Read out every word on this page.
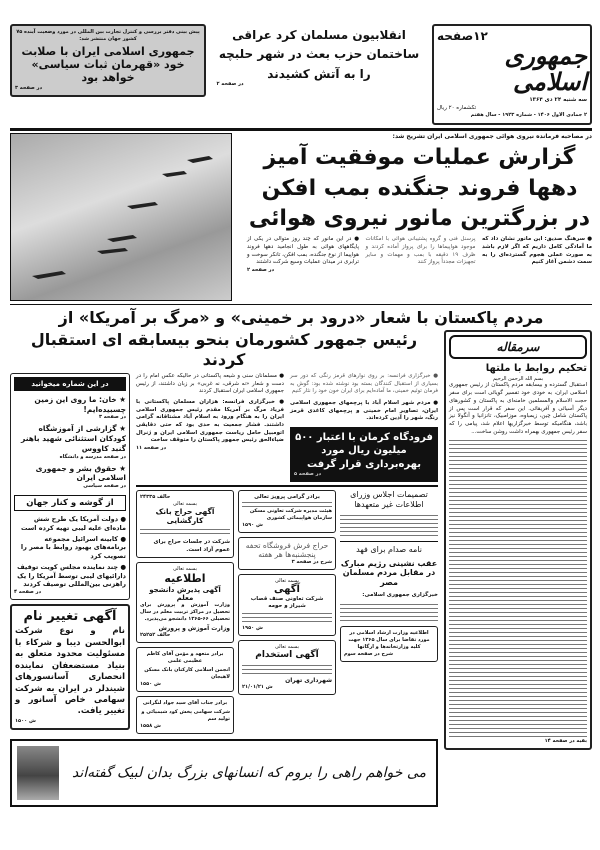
۱۲صفحه
جمهوری اسلامی
سه شنبه ۲۴ دی ۱۳۶۴
تکشماره ۲۰ ریال
۲ جمادی الاول ۱۴۰۶ - شماره ۱۹۲۳ - سال هفتم
انقلابیون مسلمان کرد عراقی
ساختمان حزب بعث در شهر حلبچه
را به آتش کشیدند
در صفحه ۲
پیش بینی دفتر بررسی و کنترل تجارت بین المللی در مورد وضعیت آینده ۷۵ کشور جهان منتشر شد:
جمهوری اسلامی ایران با صلابت خود «قهرمان ثبات سیاسی» خواهد بود
در صفحه ۳
در مصاحبه فرمانده نیروی هوائی جمهوری اسلامی ایران تشریح شد:
گزارش عملیات موفقیت آمیز
دهها فروند جنگنده بمب افکن
در بزرگترین مانور نیروی هوائی
● سرهنگ صدیق: این مانور نشان داد که ما آمادگی کامل داریم که اگر لازم باشد به صورت عملی هجوم گسترده‌ای را به سمت دشمن آغاز کنیم
پرسنل فنی و گروه پشتیبانی هوائی با امکانات موجود هواپیماها را برای پرواز آماده کردند و ظرف ۱۹ دقیقه با بمب و مهمات و سایر تجهیزات مجدداً پرواز کنند
● در این مانور که چند روز متوالی در یکی از پایگاههای هوائی به طول انجامید دهها فروند هواپیما از نوع جنگنده، بمب افکن، تانکر سوخت و ترابری در میدان عملیات وسیع شرکت داشتند
در صفحه ۲
مردم پاکستان با شعار «درود بر خمینی» و «مرگ بر آمریکا» از
سرمقاله
تحکیم روابط با ملتها
بسم الله الرحمن الرحیم
استقبال گسترده و بیسابقه مردم پاکستان از رئیس جمهوری اسلامی ایران، به خودی خود تفسیر گویائی است برای سفر حجت الاسلام والمسلمین خامنه‌ای به پاکستان و کشورهای دیگر آسیائی و آفریقائی. این سفر که قرار است پس از پاکستان شامل چین، زیمباوه، موزامبیک، تانزانیا و آنگولا نیز باشد، هنگامیکه توسط خبرگزاریها اعلام شد، پیامی را که سفر رئیس جمهوری بهمراه داشت روشن ساخت...
بقیه در صفحه ۱۴
رئیس جمهور کشورمان بنحو بیسابقه ای استقبال کردند
● خبرگزاری فرانسه: بر روی نوارهای قرمز رنگی که دور سر بسیاری از استقبال کنندگان بسته بود نوشته شده بود: گوش به فرمان توئیم خمینی، ما آماده‌ایم برای ایران خون خود را نثار کنیم
● مردم شهر اسلام آباد با پرچمهای جمهوری اسلامی ایران، تصاویر امام خمینی و پرچمهای کاغذی قرمز رنگ، شهر را آذین کرده‌اند.
فرودگاه کرمان با اعتبار ۵۰۰ میلیون ریال مورد بهره‌برداری قرار گرفت
در صفحه ۵
● مسلمانان سنی و شیعه پاکستانی در حالیکه عکس امام را در دست و شعار «نه شرقی، نه غربی» بر زبان داشتند، از رئیس جمهوری اسلامی ایران استقبال کردند
● خبرگزاری فرانسه: هزاران مسلمان پاکستانی با فریاد مرگ بر آمریکا مقدم رئیس جمهوری اسلامی ایران را به هنگام ورود به اسلام آباد مشتاقانه گرامی داشتند. فشار جمعیت به حدی بود که حتی دقایقی اتومبیل حامل ریاست جمهوری اسلامی ایران و ژنرال ضیاءالحق رئیس جمهور پاکستان را متوقف ساخت
در صفحه ۱۱
تصمیمات اجلاس وزرای اطلاعات غیر متعهدها
نامه صدام برای فهد
عقب نشینی رژیم مبارک در مقابل مردم مسلمان مصر
خبرگزاری جمهوری اسلامی:
اطلاعیه وزارت ارشاد اسلامی در مورد تقاضا برای سال ۱۳۶۵ جهت کلیه وزارتخانه‌ها و ارگانها
شرح در صفحه سوم
برادر گرامی پرویز تعالی
هیئت مدیره شرکت تعاونی مسکن سازمان هواپیمائی کشوری
ش ۱۵۹۰
حراج فرش فروشگاه تحفه پنجشنبه‌ها هر هفته
شرح در صفحه ۳
بسمه تعالی
آگهی
شرکت تعاونی صنف قصاب شیراز و حومه
ش ۱۹۵۰
بسمه تعالی
آگهی استخدام
شهرداری تهران
ش ۲۱/۰۱/۲۱
حالف ۲۴۳۳۵
بسمه تعالی
آگهی حراج بانک کارگشایی
شرکت در جلسات حراج برای عموم آزاد است.
بسمه تعالی
اطلاعیه
آگهی پذیرش دانشجو معلم
وزارت آموزش و پرورش برای تحصیل در مراکز تربیت معلم در سال تحصیلی ۶۶-۱۳۶۵ دانشجو می‌پذیرد.
وزارت آموزش و پرورش
حالف ۲۵۲۵۲
برادر متعهد و مؤمن آقای کاظم عظیمی علمی
انجمن اسلامی کارکنان بانک مسکن لاهیجان
ش ۱۵۵۰
برادر جناب آقای سید جواد لنگرانی
شرکت سهامی پخش کود شیمیائی و توليد سم
ش ۱۵۵۸
در این شماره میخوانید
★ خان: ما روی این زمین چسبیده‌ایم!
در صفحه ۳
★ گزارشی از آموزشگاه کودکان استثنائی شهید باهنر گنبد کاووس
در صفحه مدرسه و دانشگاه
★ حقوق بشر و جمهوری اسلامی ایران
در صفحه سیاسی
از گوشه و کنار جهان
● دولت آمریکا یک طرح شش ماده‌ای علیه لیبی تهیه کرده است
● کابینه اسرائیل مجموعه برنامه‌های بهبود روابط با مصر را تصویب کرد
● چند نماینده مجلس کویت توقیف دارائیهای لیبی توسط آمریکا را یک راهزنی بین‌المللی توصیف کردند
در صفحه ۴
آگهی تغییر نام
نام و نوع شرکت ابوالحسن دیبا و شرکاء با مسئولیت محدود متعلق به بنیاد مستضعفان نماینده انحصاری آسانسورهای شیندلر در ایران به شرکت سهامی خاص آسانور و تغییر یافت.
ش ۱۵۰۰
می خواهم راهی را بروم که انسانهای بزرگ بدان لبیک گفته‌اند
